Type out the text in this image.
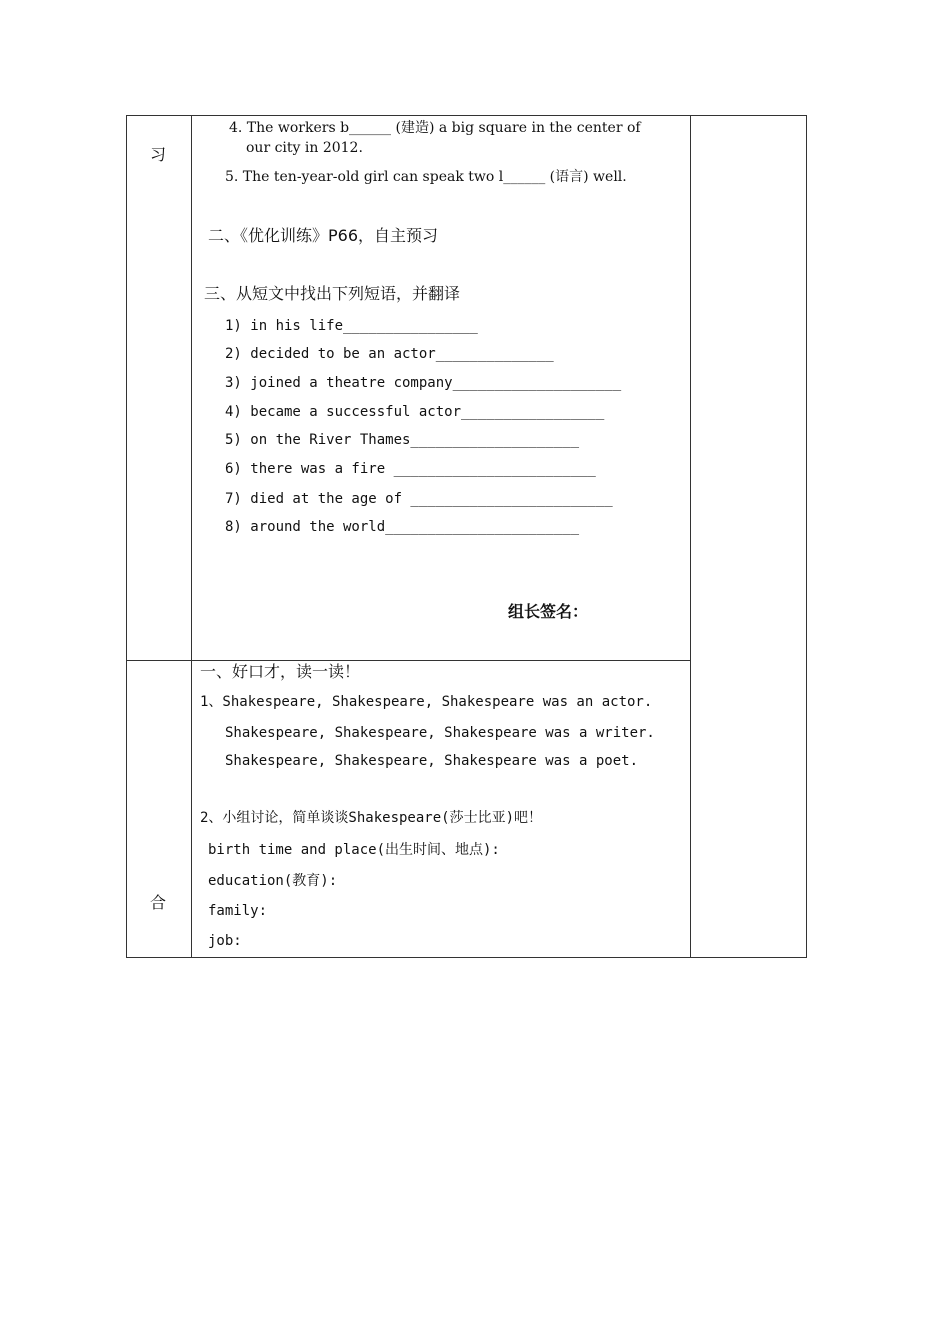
习
4. The workers b______ (建造) a big square in the center of
our city in 2012.
5. The ten-year-old girl can speak two l______ (语言) well.
二、《优化训练》P66，自主预习
三、从短文中找出下列短语，并翻译
1) in his life________________
2) decided to be an actor______________
3) joined a theatre company____________________
4) became a successful actor_________________
5) on the River Thames____________________
6) there was a fire ________________________
7) died at the age of ________________________
8) around the world_______________________
组长签名：
合
一、好口才，读一读！
1、Shakespeare, Shakespeare, Shakespeare was an actor.
Shakespeare, Shakespeare, Shakespeare was a writer.
Shakespeare, Shakespeare, Shakespeare was a poet.
2、小组讨论，简单谈谈Shakespeare(莎士比亚)吧！
birth time and place(出生时间、地点):
education(教育):
family:
job:
